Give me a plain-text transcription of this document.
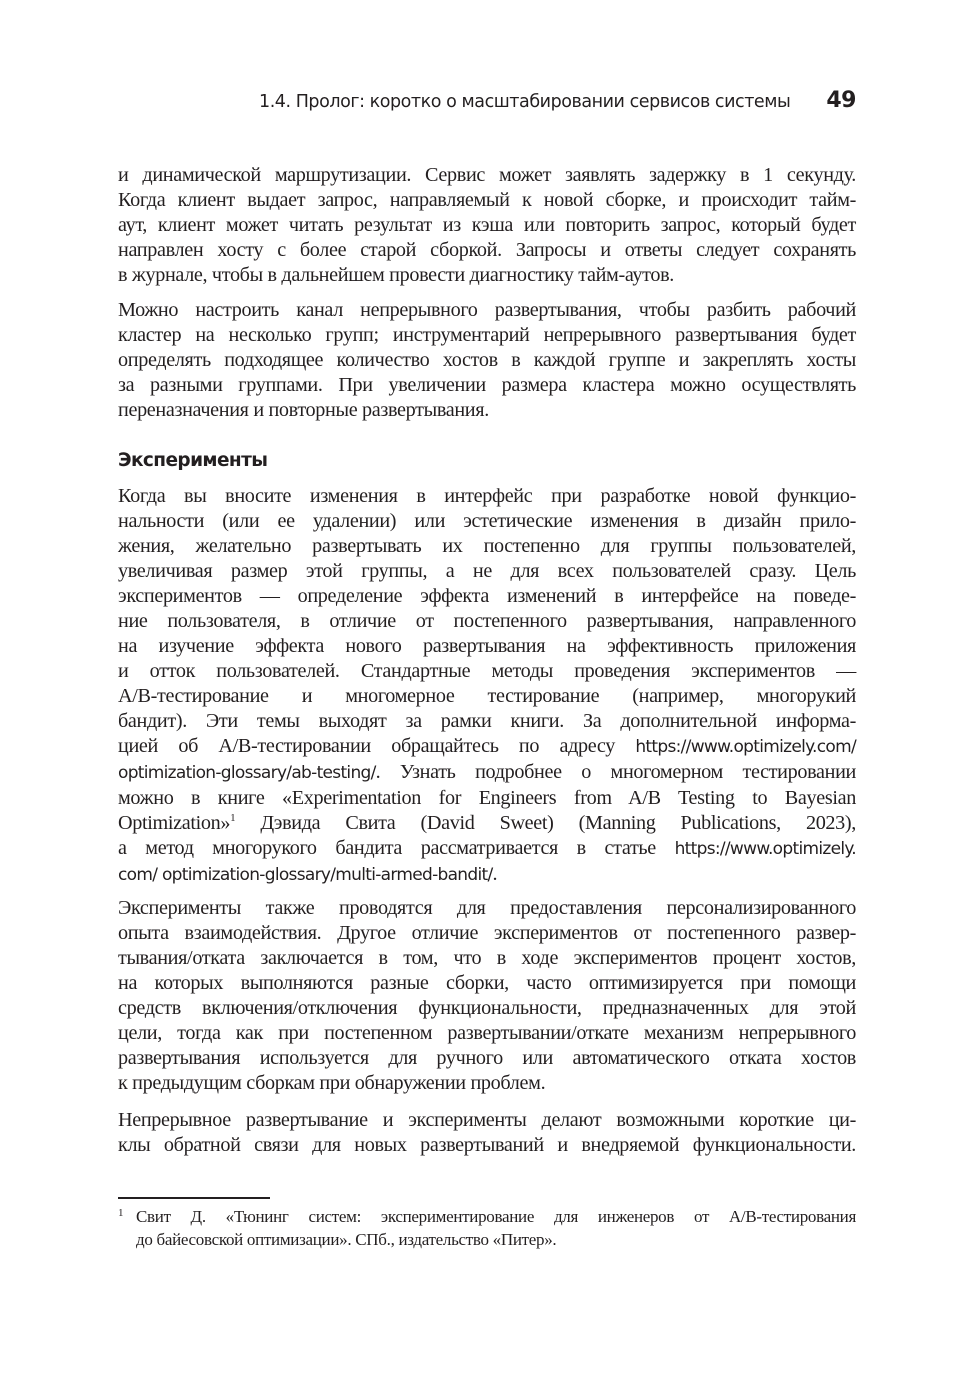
1.4. Пролог: коротко о масштабировании сервисов системы 49

и динамической маршрутизации. Сервис может заявлять задержку в 1 секунду.
Когда клиент выдает запрос, направляемый к новой сборке, и происходит тайм-
аут, клиент может читать результат из кэша или повторить запрос, который будет
направлен хосту с более старой сборкой. Запросы и ответы следует сохранять
в журнале, чтобы в дальнейшем провести диагностику тайм-аутов.

Можно настроить канал непрерывного развертывания, чтобы разбить рабочий
кластер на несколько групп; инструментарий непрерывного развертывания будет
определять подходящее количество хостов в каждой группе и закреплять хосты
за разными группами. При увеличении размера кластера можно осуществлять
переназначения и повторные развертывания.

Эксперименты

Когда вы вносите изменения в интерфейс при разработке новой функцио-
нальности (или ее удалении) или эстетические изменения в дизайн прило-
жения, желательно развертывать их постепенно для группы пользователей,
увеличивая размер этой группы, а не для всех пользователей сразу. Цель
экспериментов — определение эффекта изменений в интерфейсе на поведе-
ние пользователя, в отличие от постепенного развертывания, направленного
на изучение эффекта нового развертывания на эффективность приложения
и отток пользователей. Стандартные методы проведения экспериментов —
A/B-тестирование и многомерное тестирование (например, многорукий
бандит). Эти темы выходят за рамки книги. За дополнительной информа-
цией об A/B-тестировании обращайтесь по адресу https://www.optimizely.com/
optimization-glossary/ab-testing/. Узнать подробнее о многомерном тестировании
можно в книге «Experimentation for Engineers from A/B Testing to Bayesian
Optimization»$^1$ Дэвида Свита (David Sweet) (Manning Publications, 2023),
а метод многорукого бандита рассматривается в статье https://www.optimizely.
com/ optimization-glossary/multi-armed-bandit/.

Эксперименты также проводятся для предоставления персонализированного
опыта взаимодействия. Другое отличие экспериментов от постепенного развер-
тывания/отката заключается в том, что в ходе экспериментов процент хостов,
на которых выполняются разные сборки, часто оптимизируется при помощи
средств включения/отключения функциональности, предназначенных для этой
цели, тогда как при постепенном развертывании/откате механизм непрерывного
развертывания используется для ручного или автоматического отката хостов
к предыдущим сборкам при обнаружении проблем.

Непрерывное развертывание и эксперименты делают возможными короткие ци-
клы обратной связи для новых развертываний и внедряемой функциональности.

1 Свит Д. «Тюнинг систем: экспериментирование для инженеров от A/B-тестирования
до байесовской оптимизации». СПб., издательство «Питер».
